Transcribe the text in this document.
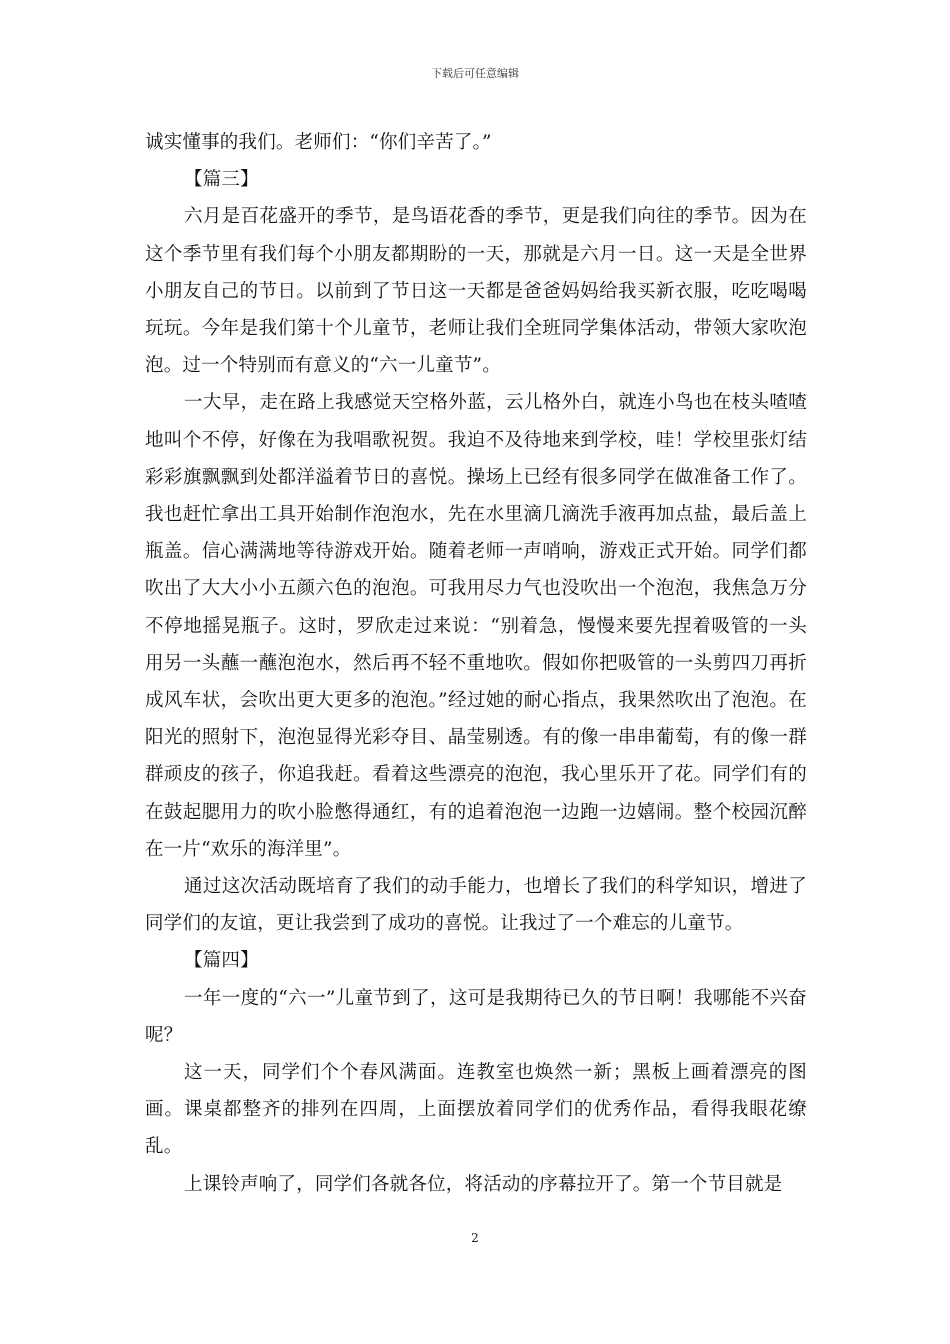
下载后可任意编辑

诚实懂事的我们。老师们：“你们辛苦了。”

【篇三】

六月是百花盛开的季节，是鸟语花香的季节，更是我们向往的季节。因为在这个季节里有我们每个小朋友都期盼的一天，那就是六月一日。这一天是全世界小朋友自己的节日。以前到了节日这一天都是爸爸妈妈给我买新衣服，吃吃喝喝玩玩。今年是我们第十个儿童节，老师让我们全班同学集体活动，带领大家吹泡泡。过一个特别而有意义的“六一儿童节”。

一大早，走在路上我感觉天空格外蓝，云儿格外白，就连小鸟也在枝头喳喳地叫个不停，好像在为我唱歌祝贺。我迫不及待地来到学校，哇！学校里张灯结彩彩旗飘飘到处都洋溢着节日的喜悦。操场上已经有很多同学在做准备工作了。我也赶忙拿出工具开始制作泡泡水，先在水里滴几滴洗手液再加点盐，最后盖上瓶盖。信心满满地等待游戏开始。随着老师一声哨响，游戏正式开始。同学们都吹出了大大小小五颜六色的泡泡。可我用尽力气也没吹出一个泡泡，我焦急万分不停地摇晃瓶子。这时，罗欣走过来说：“别着急，慢慢来要先捏着吸管的一头用另一头蘸一蘸泡泡水，然后再不轻不重地吹。假如你把吸管的一头剪四刀再折成风车状，会吹出更大更多的泡泡。”经过她的耐心指点，我果然吹出了泡泡。在阳光的照射下，泡泡显得光彩夺目、晶莹剔透。有的像一串串葡萄，有的像一群群顽皮的孩子，你追我赶。看着这些漂亮的泡泡，我心里乐开了花。同学们有的在鼓起腮用力的吹小脸憋得通红，有的追着泡泡一边跑一边嬉闹。整个校园沉醉在一片“欢乐的海洋里”。

通过这次活动既培育了我们的动手能力，也增长了我们的科学知识，增进了同学们的友谊，更让我尝到了成功的喜悦。让我过了一个难忘的儿童节。

【篇四】

一年一度的“六一”儿童节到了，这可是我期待已久的节日啊！我哪能不兴奋呢？

这一天，同学们个个春风满面。连教室也焕然一新；黑板上画着漂亮的图画。课桌都整齐的排列在四周，上面摆放着同学们的优秀作品，看得我眼花缭乱。

上课铃声响了，同学们各就各位，将活动的序幕拉开了。第一个节目就是

2
